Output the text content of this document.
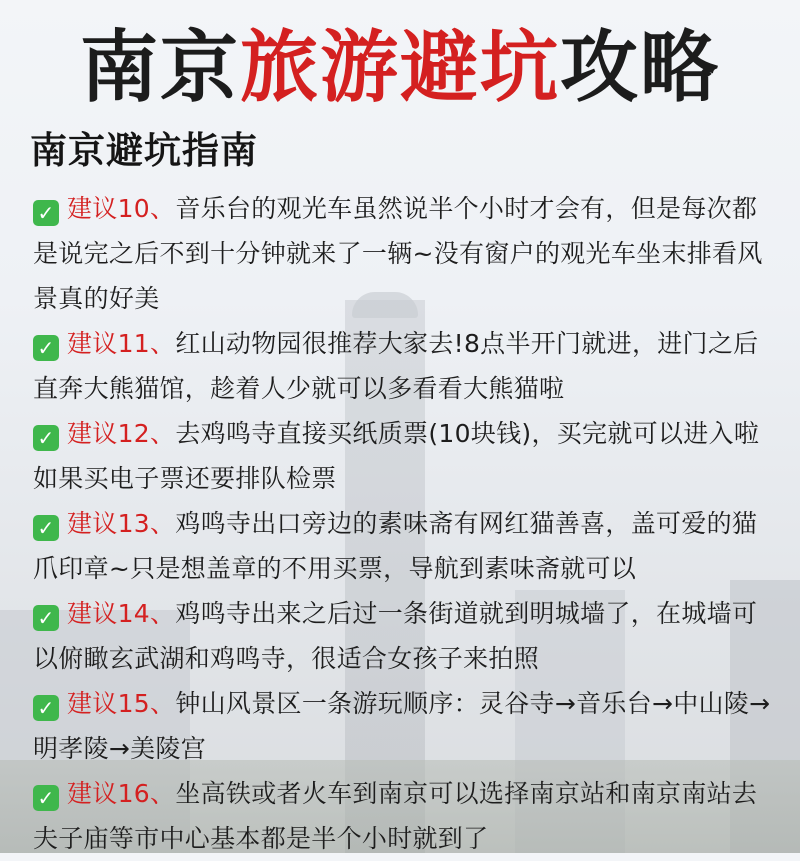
南京旅游避坑攻略
南京避坑指南
✓ 建议10、音乐台的观光车虽然说半个小时才会有，但是每次都是说完之后不到十分钟就来了一辆~没有窗户的观光车坐末排看风景真的好美
✓ 建议11、红山动物园很推荐大家去!8点半开门就进，进门之后直奔大熊猫馆，趁着人少就可以多看看大熊猫啦
✓ 建议12、去鸡鸣寺直接买纸质票(10块钱)，买完就可以进入啦如果买电子票还要排队检票
✓ 建议13、鸡鸣寺出口旁边的素味斋有网红猫善喜，盖可爱的猫爪印章~只是想盖章的不用买票，导航到素味斋就可以
✓ 建议14、鸡鸣寺出来之后过一条街道就到明城墙了，在城墙可以俯瞰玄武湖和鸡鸣寺，很适合女孩子来拍照
✓ 建议15、钟山风景区一条游玩顺序：灵谷寺→音乐台→中山陵→明孝陵→美陵宫
✓ 建议16、坐高铁或者火车到南京可以选择南京站和南京南站去夫子庙等市中心基本都是半个小时就到了
